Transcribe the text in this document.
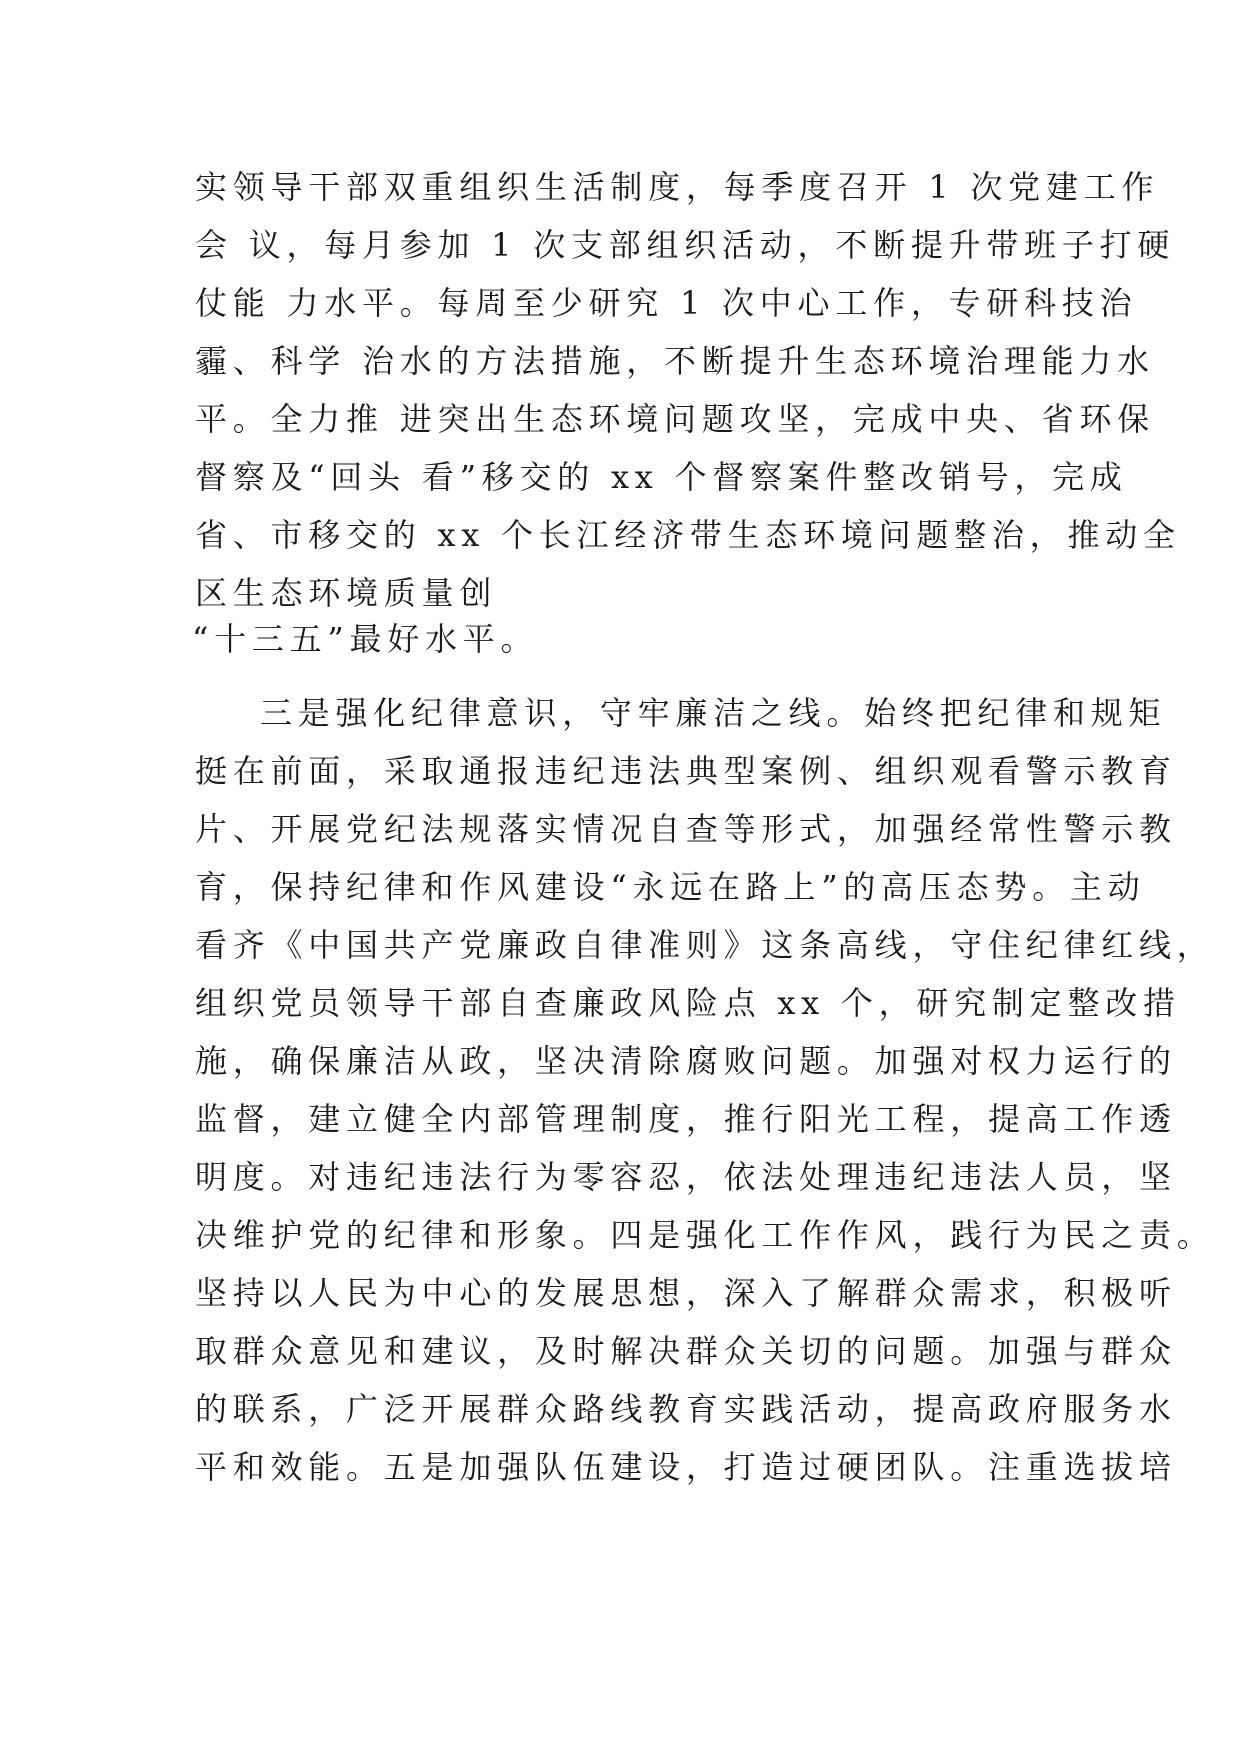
实领导干部双重组织生活制度，每季度召开 1 次党建工作
会 议，每月参加 1 次支部组织活动，不断提升带班子打硬
仗能 力水平。每周至少研究 1 次中心工作，专研科技治
霾、科学 治水的方法措施，不断提升生态环境治理能力水
平。全力推 进突出生态环境问题攻坚，完成中央、省环保
督察及“回头 看”移交的 xx 个督察案件整改销号，完成
省、市移交的 xx 个长江经济带生态环境问题整治，推动全
区生态环境质量创
“十三五”最好水平。
三是强化纪律意识，守牢廉洁之线。始终把纪律和规矩
挺在前面，采取通报违纪违法典型案例、组织观看警示教育
片、开展党纪法规落实情况自查等形式，加强经常性警示教
育，保持纪律和作风建设“永远在路上”的高压态势。主动
看齐《中国共产党廉政自律准则》这条高线，守住纪律红线，
组织党员领导干部自查廉政风险点 xx 个，研究制定整改措
施，确保廉洁从政，坚决清除腐败问题。加强对权力运行的
监督，建立健全内部管理制度，推行阳光工程，提高工作透
明度。对违纪违法行为零容忍，依法处理违纪违法人员，坚
决维护党的纪律和形象。四是强化工作作风，践行为民之责。
坚持以人民为中心的发展思想，深入了解群众需求，积极听
取群众意见和建议，及时解决群众关切的问题。加强与群众
的联系，广泛开展群众路线教育实践活动，提高政府服务水
平和效能。五是加强队伍建设，打造过硬团队。注重选拔培
